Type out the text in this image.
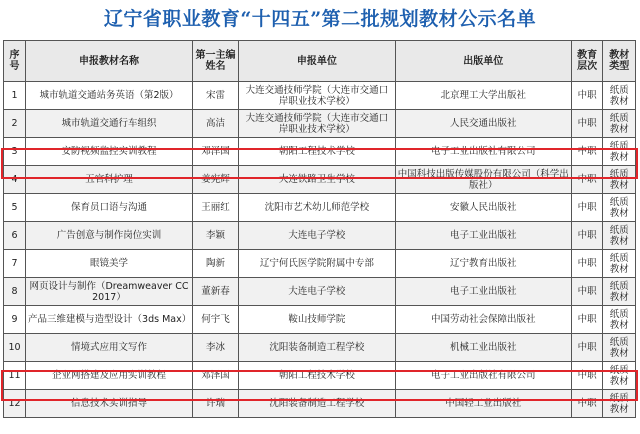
辽宁省职业教育“十四五”第二批规划教材公示名单
序号	申报教材名称	第一主编姓名	申报单位	出版单位	教育层次	教材类型
1	城市轨道交通站务英语（第2版）	宋雷	大连交通技师学院（大连市交通口岸职业技术学校）	北京理工大学出版社	中职	纸质教材
2	城市轨道交通行车组织	高洁	大连交通技师学院（大连市交通口岸职业技术学校）	人民交通出版社	中职	纸质教材
3	安防视频监控实训教程	邓泽国	朝阳工程技术学校	电子工业出版社有限公司	中职	纸质教材
4	五官科护理	姜宪辉	大连铁路卫生学校	中国科技出版传媒股份有限公司（科学出版社）	中职	纸质教材
5	保育员口语与沟通	王丽红	沈阳市艺术幼儿师范学校	安徽人民出版社	中职	纸质教材
6	广告创意与制作岗位实训	李颖	大连电子学校	电子工业出版社	中职	纸质教材
7	眼镜美学	陶新	辽宁何氏医学院附属中专部	辽宁教育出版社	中职	纸质教材
8	网页设计与制作（Dreamweaver CC 2017）	董新春	大连电子学校	电子工业出版社	中职	纸质教材
9	产品三维建模与造型设计（3ds Max）	何宇飞	鞍山技师学院	中国劳动社会保障出版社	中职	纸质教材
10	情境式应用文写作	李冰	沈阳装备制造工程学校	机械工业出版社	中职	纸质教材
11	企业网搭建及应用实训教程	邓泽国	朝阳工程技术学校	电子工业出版社有限公司	中职	纸质教材
12	信息技术实训指导	许瑞	沈阳装备制造工程学校	中国轻工业出版社	中职	纸质教材
